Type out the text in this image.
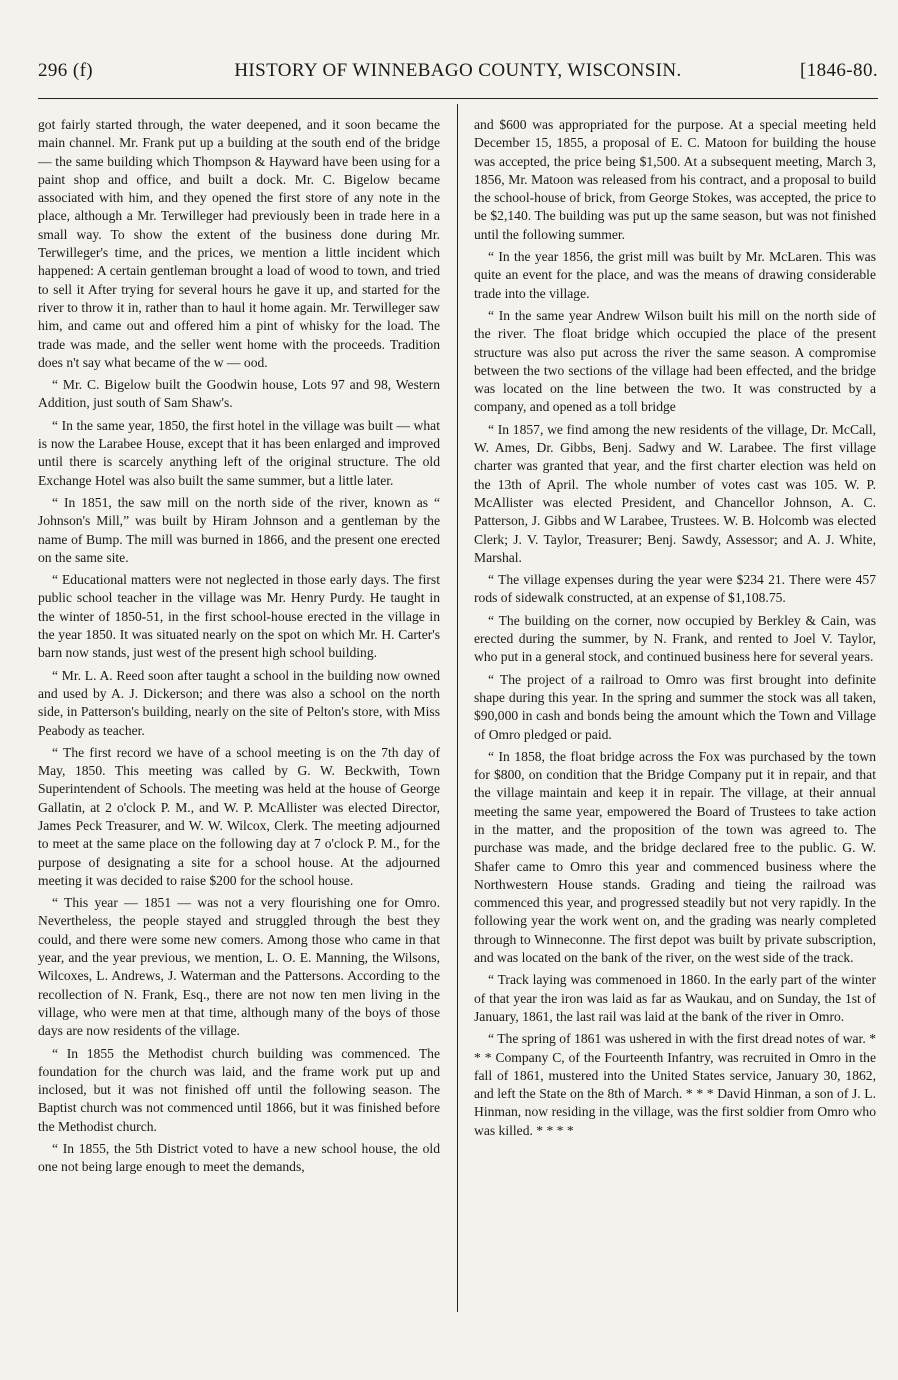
296 (f)	HISTORY OF WINNEBAGO COUNTY, WISCONSIN.	[1846-80.

got fairly started through, the water deepened, and it soon became the main channel. Mr. Frank put up a building at the south end of the bridge — the same building which Thompson & Hayward have been using for a paint shop and office, and built a dock. Mr. C. Bigelow became associated with him, and they opened the first store of any note in the place, although a Mr. Terwilleger had previously been in trade here in a small way. To show the extent of the business done during Mr. Terwilleger's time, and the prices, we mention a little incident which happened: A certain gentleman brought a load of wood to town, and tried to sell it After trying for several hours he gave it up, and started for the river to throw it in, rather than to haul it home again. Mr. Terwilleger saw him, and came out and offered him a pint of whisky for the load. The trade was made, and the seller went home with the proceeds. Tradition does n't say what became of the w — ood.

“ Mr. C. Bigelow built the Goodwin house, Lots 97 and 98, Western Addition, just south of Sam Shaw's.

“ In the same year, 1850, the first hotel in the village was built — what is now the Larabee House, except that it has been enlarged and improved until there is scarcely anything left of the original structure. The old Exchange Hotel was also built the same summer, but a little later.

“ In 1851, the saw mill on the north side of the river, known as “ Johnson's Mill,” was built by Hiram Johnson and a gentleman by the name of Bump. The mill was burned in 1866, and the present one erected on the same site.

“ Educational matters were not neglected in those early days. The first public school teacher in the village was Mr. Henry Purdy. He taught in the winter of 1850-51, in the first school-house erected in the village in the year 1850. It was situated nearly on the spot on which Mr. H. Carter's barn now stands, just west of the present high school building.

“ Mr. L. A. Reed soon after taught a school in the building now owned and used by A. J. Dickerson; and there was also a school on the north side, in Patterson's building, nearly on the site of Pelton's store, with Miss Peabody as teacher.

“ The first record we have of a school meeting is on the 7th day of May, 1850. This meeting was called by G. W. Beckwith, Town Superintendent of Schools. The meeting was held at the house of George Gallatin, at 2 o'clock P. M., and W. P. McAllister was elected Director, James Peck Treasurer, and W. W. Wilcox, Clerk. The meeting adjourned to meet at the same place on the following day at 7 o'clock P. M., for the purpose of designating a site for a school house. At the adjourned meeting it was decided to raise $200 for the school house.

“ This year — 1851 — was not a very flourishing one for Omro. Nevertheless, the people stayed and struggled through the best they could, and there were some new comers. Among those who came in that year, and the year previous, we mention, L. O. E. Manning, the Wilsons, Wilcoxes, L. Andrews, J. Waterman and the Pattersons. According to the recollection of N. Frank, Esq., there are not now ten men living in the village, who were men at that time, although many of the boys of those days are now residents of the village.

“ In 1855 the Methodist church building was commenced. The foundation for the church was laid, and the frame work put up and inclosed, but it was not finished off until the following season. The Baptist church was not commenced until 1866, but it was finished before the Methodist church.

“ In 1855, the 5th District voted to have a new school house, the old one not being large enough to meet the demands,

and $600 was appropriated for the purpose. At a special meeting held December 15, 1855, a proposal of E. C. Matoon for building the house was accepted, the price being $1,500. At a subsequent meeting, March 3, 1856, Mr. Matoon was released from his contract, and a proposal to build the school-house of brick, from George Stokes, was accepted, the price to be $2,140. The building was put up the same season, but was not finished until the following summer.

“ In the year 1856, the grist mill was built by Mr. McLaren. This was quite an event for the place, and was the means of drawing considerable trade into the village.

“ In the same year Andrew Wilson built his mill on the north side of the river. The float bridge which occupied the place of the present structure was also put across the river the same season. A compromise between the two sections of the village had been effected, and the bridge was located on the line between the two. It was constructed by a company, and opened as a toll bridge

“ In 1857, we find among the new residents of the village, Dr. McCall, W. Ames, Dr. Gibbs, Benj. Sadwy and W. Larabee. The first village charter was granted that year, and the first charter election was held on the 13th of April. The whole number of votes cast was 105. W. P. McAllister was elected President, and Chancellor Johnson, A. C. Patterson, J. Gibbs and W Larabee, Trustees. W. B. Holcomb was elected Clerk; J. V. Taylor, Treasurer; Benj. Sawdy, Assessor; and A. J. White, Marshal.

“ The village expenses during the year were $234 21. There were 457 rods of sidewalk constructed, at an expense of $1,108.75.

“ The building on the corner, now occupied by Berkley & Cain, was erected during the summer, by N. Frank, and rented to Joel V. Taylor, who put in a general stock, and continued business here for several years.

“ The project of a railroad to Omro was first brought into definite shape during this year. In the spring and summer the stock was all taken, $90,000 in cash and bonds being the amount which the Town and Village of Omro pledged or paid.

“ In 1858, the float bridge across the Fox was purchased by the town for $800, on condition that the Bridge Company put it in repair, and that the village maintain and keep it in repair. The village, at their annual meeting the same year, empowered the Board of Trustees to take action in the matter, and the proposition of the town was agreed to. The purchase was made, and the bridge declared free to the public. G. W. Shafer came to Omro this year and commenced business where the Northwestern House stands. Grading and tieing the railroad was commenced this year, and progressed steadily but not very rapidly. In the following year the work went on, and the grading was nearly completed through to Winneconne. The first depot was built by private subscription, and was located on the bank of the river, on the west side of the track.

“ Track laying was commenoed in 1860. In the early part of the winter of that year the iron was laid as far as Waukau, and on Sunday, the 1st of January, 1861, the last rail was laid at the bank of the river in Omro.

“ The spring of 1861 was ushered in with the first dread notes of war. * * * Company C, of the Fourteenth Infantry, was recruited in Omro in the fall of 1861, mustered into the United States service, January 30, 1862, and left the State on the 8th of March. * * * David Hinman, a son of J. L. Hinman, now residing in the village, was the first soldier from Omro who was killed. * * * *
